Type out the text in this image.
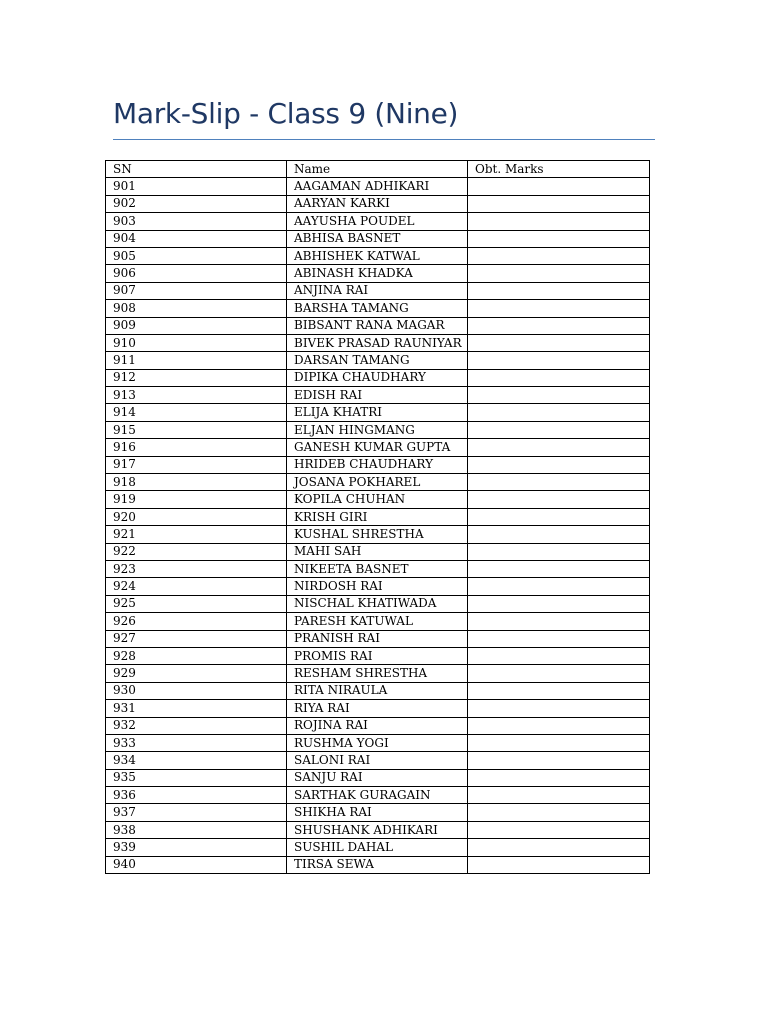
Mark-Slip - Class 9 (Nine)
SN	Name	Obt. Marks
901	AAGAMAN ADHIKARI	
902	AARYAN KARKI	
903	AAYUSHA POUDEL	
904	ABHISA BASNET	
905	ABHISHEK KATWAL	
906	ABINASH KHADKA	
907	ANJINA RAI	
908	BARSHA TAMANG	
909	BIBSANT RANA MAGAR	
910	BIVEK PRASAD RAUNIYAR	
911	DARSAN TAMANG	
912	DIPIKA CHAUDHARY	
913	EDISH RAI	
914	ELIJA KHATRI	
915	ELJAN HINGMANG	
916	GANESH KUMAR GUPTA	
917	HRIDEB CHAUDHARY	
918	JOSANA POKHAREL	
919	KOPILA CHUHAN	
920	KRISH GIRI	
921	KUSHAL SHRESTHA	
922	MAHI SAH	
923	NIKEETA BASNET	
924	NIRDOSH RAI	
925	NISCHAL KHATIWADA	
926	PARESH KATUWAL	
927	PRANISH RAI	
928	PROMIS RAI	
929	RESHAM SHRESTHA	
930	RITA NIRAULA	
931	RIYA RAI	
932	ROJINA RAI	
933	RUSHMA YOGI	
934	SALONI RAI	
935	SANJU RAI	
936	SARTHAK GURAGAIN	
937	SHIKHA RAI	
938	SHUSHANK ADHIKARI	
939	SUSHIL DAHAL	
940	TIRSA SEWA	
